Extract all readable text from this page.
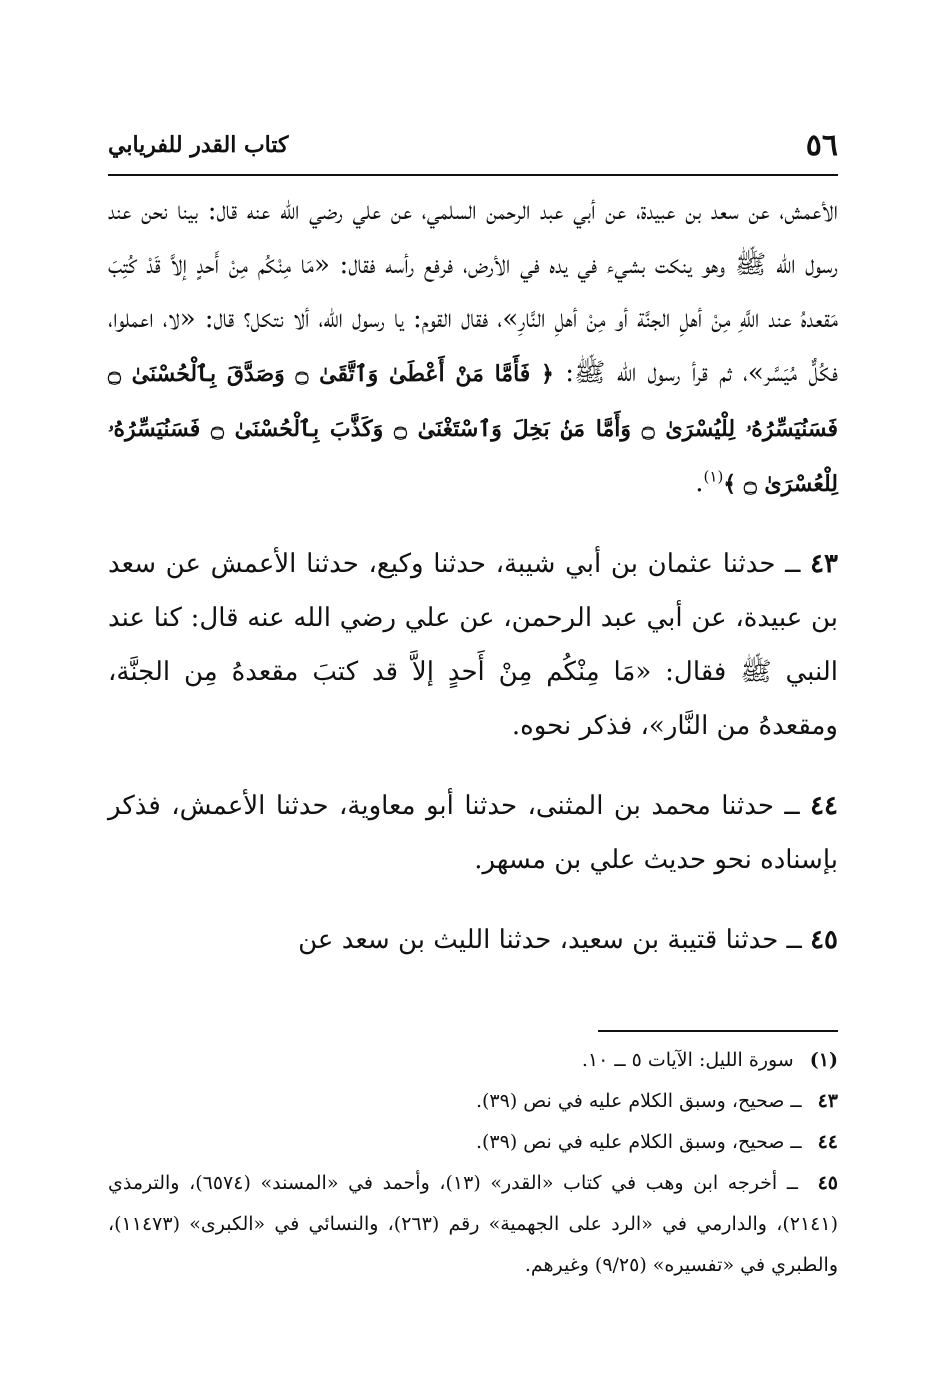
٥٦
كتاب القدر للفريابي

الأعمش، عن سعد بن عبيدة، عن أبي عبد الرحمن السلمي، عن علي رضي الله عنه قال: بينا نحن عند رسول الله ﷺ وهو ينكت بشيء في يده في الأرض، فرفع رأسه فقال: «مَا مِنْكُم مِنْ أَحدٍ إلاَّ قَدْ كُتِبَ مَقعدهُ عند اللَّهِ مِنْ أهلِ الجنَّة أو مِنْ أهلِ النَّارِ»، فقال القوم: يا رسول الله، ألا نتكل؟ قال: «لا، اعملوا، فكُلٌّ مُيَسَّر»، ثم قرأ رسول الله ﷺ: ﴿ فَأَمَّا مَنْ أَعْطَىٰ وَٱتَّقَىٰ ۝ وَصَدَّقَ بِٱلْحُسْنَىٰ ۝ فَسَنُيَسِّرُهُۥ لِلْيُسْرَىٰ ۝ وَأَمَّا مَنۢ بَخِلَ وَٱسْتَغْنَىٰ ۝ وَكَذَّبَ بِٱلْحُسْنَىٰ ۝ فَسَنُيَسِّرُهُۥ لِلْعُسْرَىٰ ۝ ﴾$^{(١)}$.

٤٣ ــ حدثنا عثمان بن أبي شيبة، حدثنا وكيع، حدثنا الأعمش عن سعد بن عبيدة، عن أبي عبد الرحمن، عن علي رضي الله عنه قال: كنا عند النبي ﷺ فقال: «مَا مِنْكُم مِنْ أَحدٍ إلاَّ قد كتبَ مقعدهُ مِن الجنَّة، ومقعدهُ من النَّار»، فذكر نحوه.

٤٤ ــ حدثنا محمد بن المثنى، حدثنا أبو معاوية، حدثنا الأعمش، فذكر بإسناده نحو حديث علي بن مسهر.

٤٥ ــ حدثنا قتيبة بن سعيد، حدثنا الليث بن سعد عن

(١) سورة الليل: الآيات ٥ ــ ١٠.

٤٣ ــ صحيح، وسبق الكلام عليه في نص (٣٩).

٤٤ ــ صحيح، وسبق الكلام عليه في نص (٣٩).

٤٥ ــ أخرجه ابن وهب في كتاب «القدر» (١٣)، وأحمد في «المسند» (٦٥٧٤)، والترمذي (٢١٤١)، والدارمي في «الرد على الجهمية» رقم (٢٦٣)، والنسائي في «الكبرى» (١١٤٧٣)، والطبري في «تفسيره» (٩/٢٥) وغيرهم.
